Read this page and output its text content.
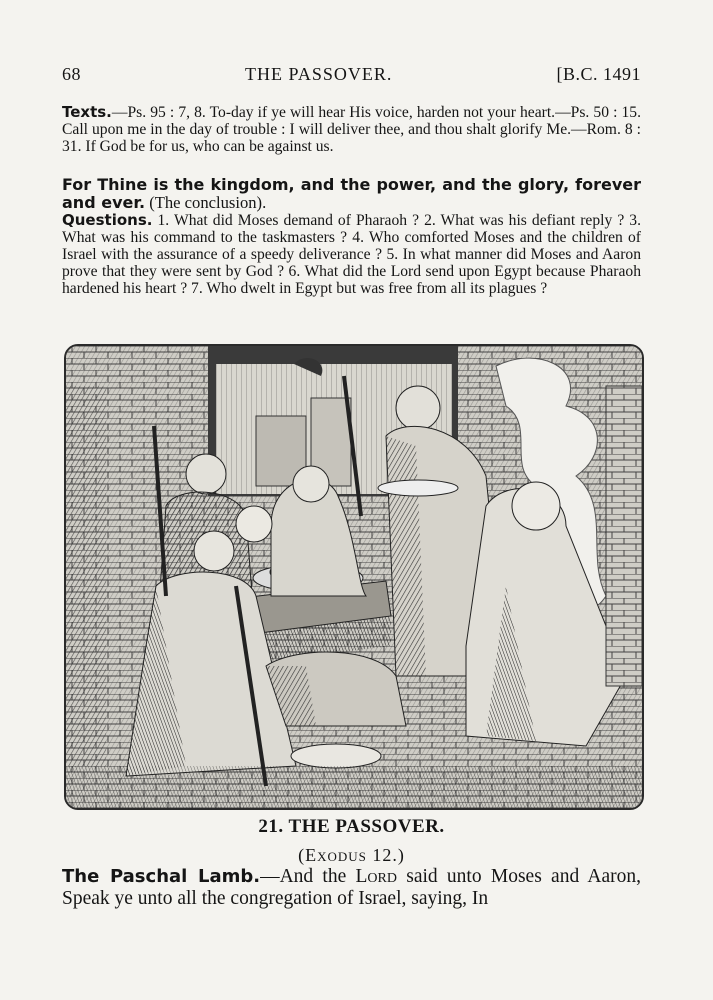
68	THE PASSOVER.	[B.C. 1491

Texts.—Ps. 95 : 7, 8. To-day if ye will hear His voice, harden not your heart.—Ps. 50 : 15. Call upon me in the day of trouble : I will deliver thee, and thou shalt glorify Me.—Rom. 8 : 31. If God be for us, who can be against us.

For Thine is the kingdom, and the power, and the glory, forever and ever. (The conclusion).

Questions. 1. What did Moses demand of Pharaoh ? 2. What was his defiant reply ? 3. What was his command to the taskmasters ? 4. Who comforted Moses and the children of Israel with the assurance of a speedy deliverance ? 5. In what manner did Moses and Aaron prove that they were sent by God ? 6. What did the Lord send upon Egypt because Pharaoh hardened his heart ? 7. Who dwelt in Egypt but was free from all its plagues ?

21. THE PASSOVER.
(Exodus 12.)

The Paschal Lamb.—And the Lord said unto Moses and Aaron, Speak ye unto all the congregation of Israel, saying, In
